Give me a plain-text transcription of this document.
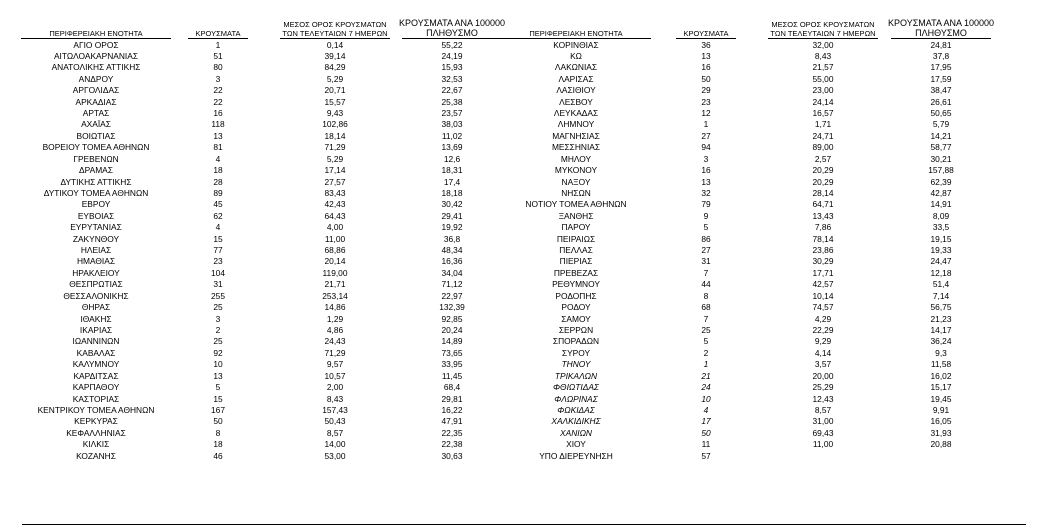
ΠΕΡΙΦΕΡΕΙΑΚΗ ΕΝΟΤΗΤΑ	ΚΡΟΥΣΜΑΤΑ
ΜΕΣΟΣ ΟΡΟΣ ΚΡΟΥΣΜΑΤΩΝ
ΤΩΝ ΤΕΛΕΥΤΑΙΩΝ 7 ΗΜΕΡΩΝ
ΚΡΟΥΣΜΑΤΑ ΑΝΑ 100000
ΠΛΗΘΥΣΜΟ	ΠΕΡΙΦΕΡΕΙΑΚΗ ΕΝΟΤΗΤΑ	ΚΡΟΥΣΜΑΤΑ
ΜΕΣΟΣ ΟΡΟΣ ΚΡΟΥΣΜΑΤΩΝ
ΤΩΝ ΤΕΛΕΥΤΑΙΩΝ 7 ΗΜΕΡΩΝ
ΚΡΟΥΣΜΑΤΑ ΑΝΑ 100000
ΠΛΗΘΥΣΜΟ
ΑΓΙΟ ΟΡΟΣ	1	0,14	55,22
ΑΙΤΩΛΟΑΚΑΡΝΑΝΙΑΣ	51	39,14	24,19
ΑΝΑΤΟΛΙΚΗΣ ΑΤΤΙΚΗΣ	80	84,29	15,93
ΑΝΔΡΟΥ	3	5,29	32,53
ΑΡΓΟΛΙΔΑΣ	22	20,71	22,67
ΑΡΚΑΔΙΑΣ	22	15,57	25,38
ΑΡΤΑΣ	16	9,43	23,57
ΑΧΑΪΑΣ	118	102,86	38,03
ΒΟΙΩΤΙΑΣ	13	18,14	11,02
ΒΟΡΕΙΟΥ ΤΟΜΕΑ ΑΘΗΝΩΝ	81	71,29	13,69
ΓΡΕΒΕΝΩΝ	4	5,29	12,6
ΔΡΑΜΑΣ	18	17,14	18,31
ΔΥΤΙΚΗΣ ΑΤΤΙΚΗΣ	28	27,57	17,4
ΔΥΤΙΚΟΥ ΤΟΜΕΑ ΑΘΗΝΩΝ	89	83,43	18,18
ΕΒΡΟΥ	45	42,43	30,42
ΕΥΒΟΙΑΣ	62	64,43	29,41
ΕΥΡΥΤΑΝΙΑΣ	4	4,00	19,92
ΖΑΚΥΝΘΟΥ	15	11,00	36,8
ΗΛΕΙΑΣ	77	68,86	48,34
ΗΜΑΘΙΑΣ	23	20,14	16,36
ΗΡΑΚΛΕΙΟΥ	104	119,00	34,04
ΘΕΣΠΡΩΤΙΑΣ	31	21,71	71,12
ΘΕΣΣΑΛΟΝΙΚΗΣ	255	253,14	22,97
ΘΗΡΑΣ	25	14,86	132,39
ΙΘΑΚΗΣ	3	1,29	92,85
ΙΚΑΡΙΑΣ	2	4,86	20,24
ΙΩΑΝΝΙΝΩΝ	25	24,43	14,89
ΚΑΒΑΛΑΣ	92	71,29	73,65
ΚΑΛΥΜΝΟΥ	10	9,57	33,95
ΚΑΡΔΙΤΣΑΣ	13	10,57	11,45
ΚΑΡΠΑΘΟΥ	5	2,00	68,4
ΚΑΣΤΟΡΙΑΣ	15	8,43	29,81
ΚΕΝΤΡΙΚΟΥ ΤΟΜΕΑ ΑΘΗΝΩΝ	167	157,43	16,22
ΚΕΡΚΥΡΑΣ	50	50,43	47,91
ΚΕΦΑΛΛΗΝΙΑΣ	8	8,57	22,35
ΚΙΛΚΙΣ	18	14,00	22,38
ΚΟΖΑΝΗΣ	46	53,00	30,63
ΚΟΡΙΝΘΙΑΣ	36	32,00	24,81
ΚΩ	13	8,43	37,8
ΛΑΚΩΝΙΑΣ	16	21,57	17,95
ΛΑΡΙΣΑΣ	50	55,00	17,59
ΛΑΣΙΘΙΟΥ	29	23,00	38,47
ΛΕΣΒΟΥ	23	24,14	26,61
ΛΕΥΚΑΔΑΣ	12	16,57	50,65
ΛΗΜΝΟΥ	1	1,71	5,79
ΜΑΓΝΗΣΙΑΣ	27	24,71	14,21
ΜΕΣΣΗΝΙΑΣ	94	89,00	58,77
ΜΗΛΟΥ	3	2,57	30,21
ΜΥΚΟΝΟΥ	16	20,29	157,88
ΝΑΞΟΥ	13	20,29	62,39
ΝΗΣΩΝ	32	28,14	42,87
ΝΟΤΙΟΥ ΤΟΜΕΑ ΑΘΗΝΩΝ	79	64,71	14,91
ΞΑΝΘΗΣ	9	13,43	8,09
ΠΑΡΟΥ	5	7,86	33,5
ΠΕΙΡΑΙΩΣ	86	78,14	19,15
ΠΕΛΛΑΣ	27	23,86	19,33
ΠΙΕΡΙΑΣ	31	30,29	24,47
ΠΡΕΒΕΖΑΣ	7	17,71	12,18
ΡΕΘΥΜΝΟΥ	44	42,57	51,4
ΡΟΔΟΠΗΣ	8	10,14	7,14
ΡΟΔΟΥ	68	74,57	56,75
ΣΑΜΟΥ	7	4,29	21,23
ΣΕΡΡΩΝ	25	22,29	14,17
ΣΠΟΡΑΔΩΝ	5	9,29	36,24
ΣΥΡΟΥ	2	4,14	9,3
ΤΗΝΟΥ	1	3,57	11,58
ΤΡΙΚΑΛΩΝ	21	20,00	16,02
ΦΘΙΩΤΙΔΑΣ	24	25,29	15,17
ΦΛΩΡΙΝΑΣ	10	12,43	19,45
ΦΩΚΙΔΑΣ	4	8,57	9,91
ΧΑΛΚΙΔΙΚΗΣ	17	31,00	16,05
ΧΑΝΙΩΝ	50	69,43	31,93
ΧΙΟΥ	11	11,00	20,88
ΥΠΟ ΔΙΕΡΕΥΝΗΣΗ	57
